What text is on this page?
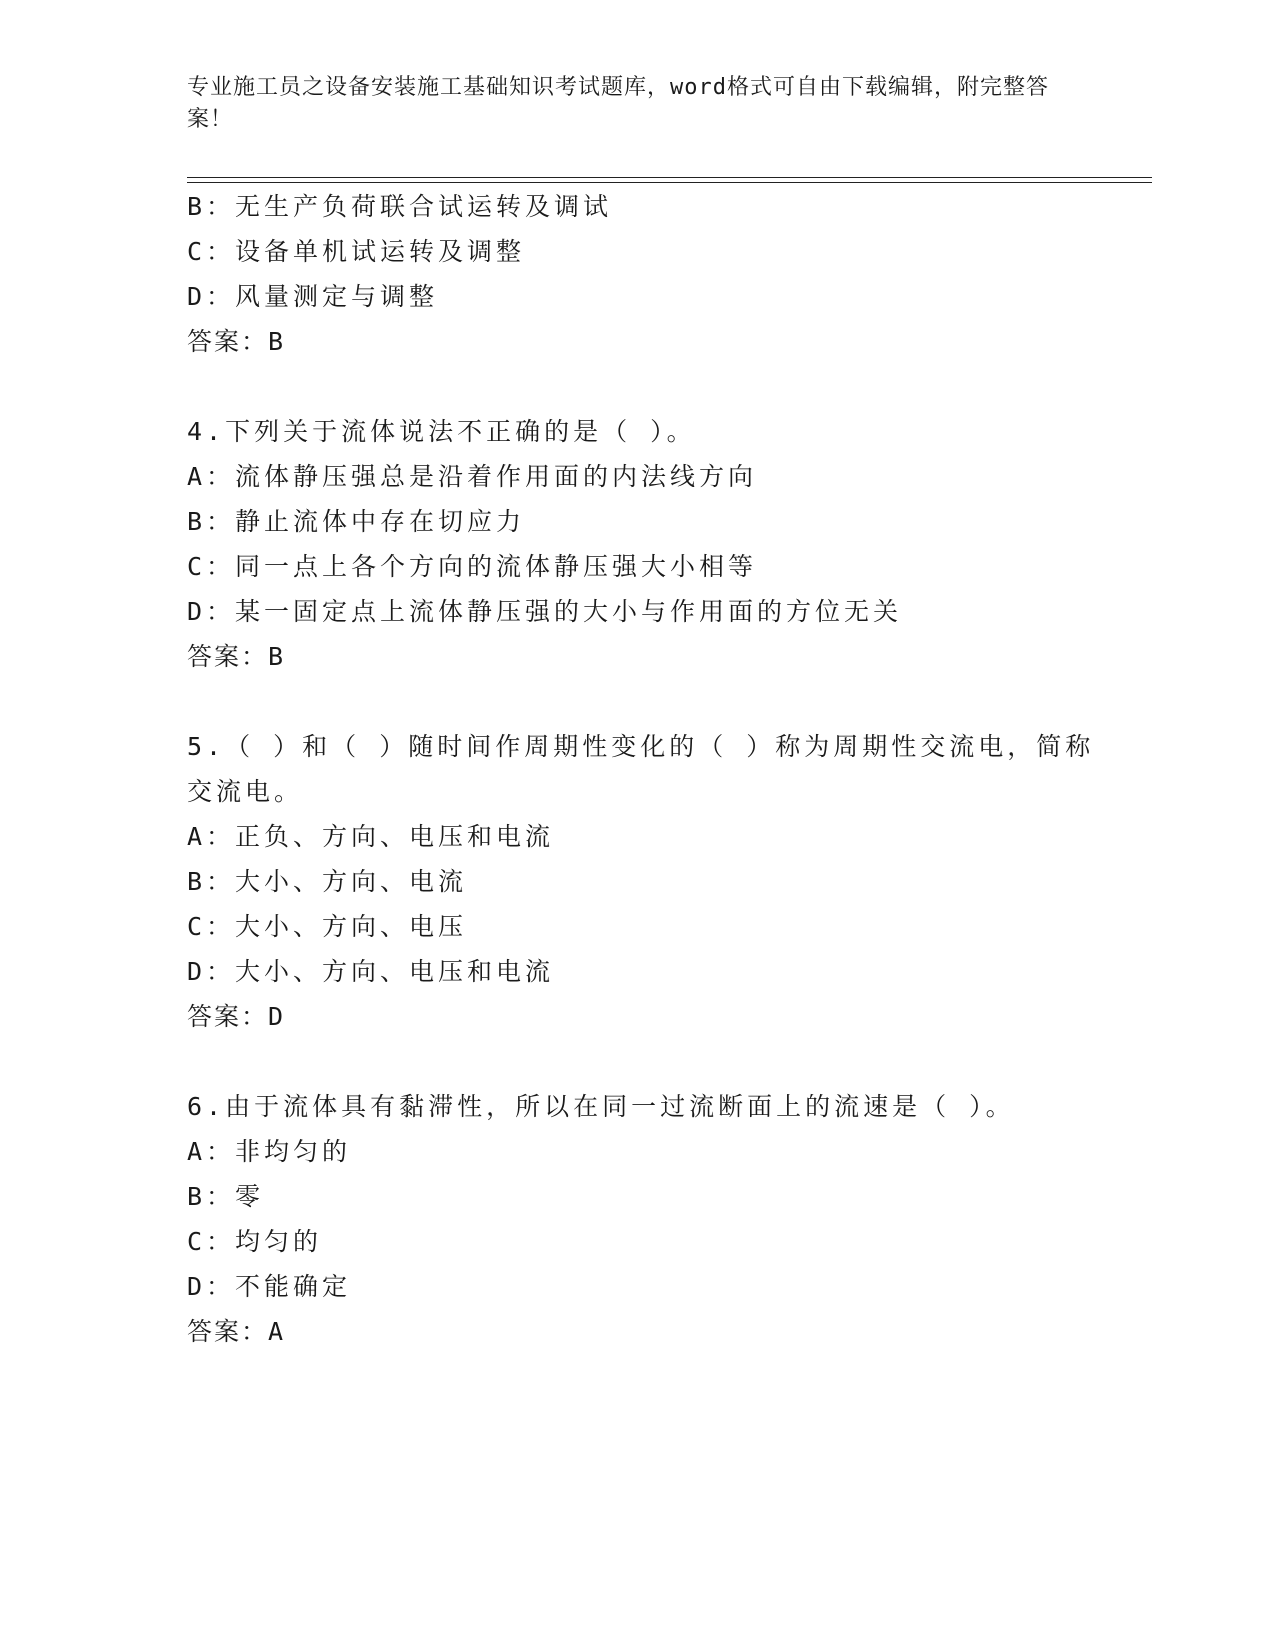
专业施工员之设备安装施工基础知识考试题库，word格式可自由下载编辑，附完整答案！
B：无生产负荷联合试运转及调试
C：设备单机试运转及调整
D：风量测定与调整
答案：B
4.下列关于流体说法不正确的是（ ）。
A：流体静压强总是沿着作用面的内法线方向
B：静止流体中存在切应力
C：同一点上各个方向的流体静压强大小相等
D：某一固定点上流体静压强的大小与作用面的方位无关
答案：B
5.（ ）和（ ）随时间作周期性变化的（ ）称为周期性交流电，简称
交流电。
A：正负、方向、电压和电流
B：大小、方向、电流
C：大小、方向、电压
D：大小、方向、电压和电流
答案：D
6.由于流体具有黏滞性，所以在同一过流断面上的流速是（ ）。
A：非均匀的
B：零
C：均匀的
D：不能确定
答案：A
